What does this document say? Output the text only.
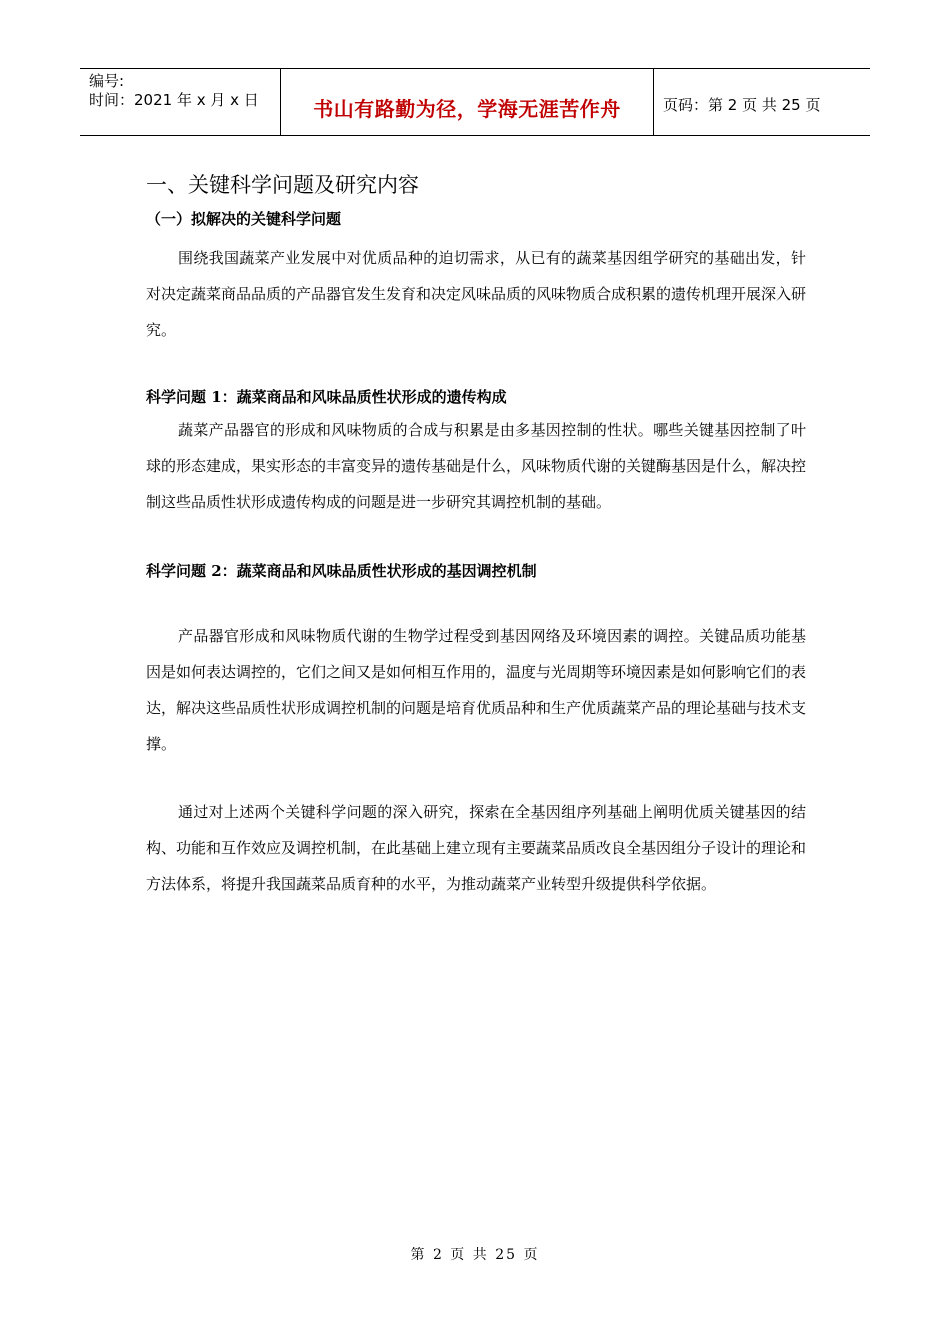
编号:
时间：2021 年 x 月 x 日	书山有路勤为径，学海无涯苦作舟	页码：第 2 页 共 25 页
一、关键科学问题及研究内容
（一）拟解决的关键科学问题

围绕我国蔬菜产业发展中对优质品种的迫切需求，从已有的蔬菜基因组学研究的基础出发，针对决定蔬菜商品品质的产品器官发生发育和决定风味品质的风味物质合成积累的遗传机理开展深入研究。

科学问题 1：蔬菜商品和风味品质性状形成的遗传构成

蔬菜产品器官的形成和风味物质的合成与积累是由多基因控制的性状。哪些关键基因控制了叶球的形态建成，果实形态的丰富变异的遗传基础是什么，风味物质代谢的关键酶基因是什么，解决控制这些品质性状形成遗传构成的问题是进一步研究其调控机制的基础。

科学问题 2：蔬菜商品和风味品质性状形成的基因调控机制

产品器官形成和风味物质代谢的生物学过程受到基因网络及环境因素的调控。关键品质功能基因是如何表达调控的，它们之间又是如何相互作用的，温度与光周期等环境因素是如何影响它们的表达，解决这些品质性状形成调控机制的问题是培育优质品种和生产优质蔬菜产品的理论基础与技术支撑。

通过对上述两个关键科学问题的深入研究，探索在全基因组序列基础上阐明优质关键基因的结构、功能和互作效应及调控机制，在此基础上建立现有主要蔬菜品质改良全基因组分子设计的理论和方法体系，将提升我国蔬菜品质育种的水平，为推动蔬菜产业转型升级提供科学依据。

第 2 页 共 25 页
